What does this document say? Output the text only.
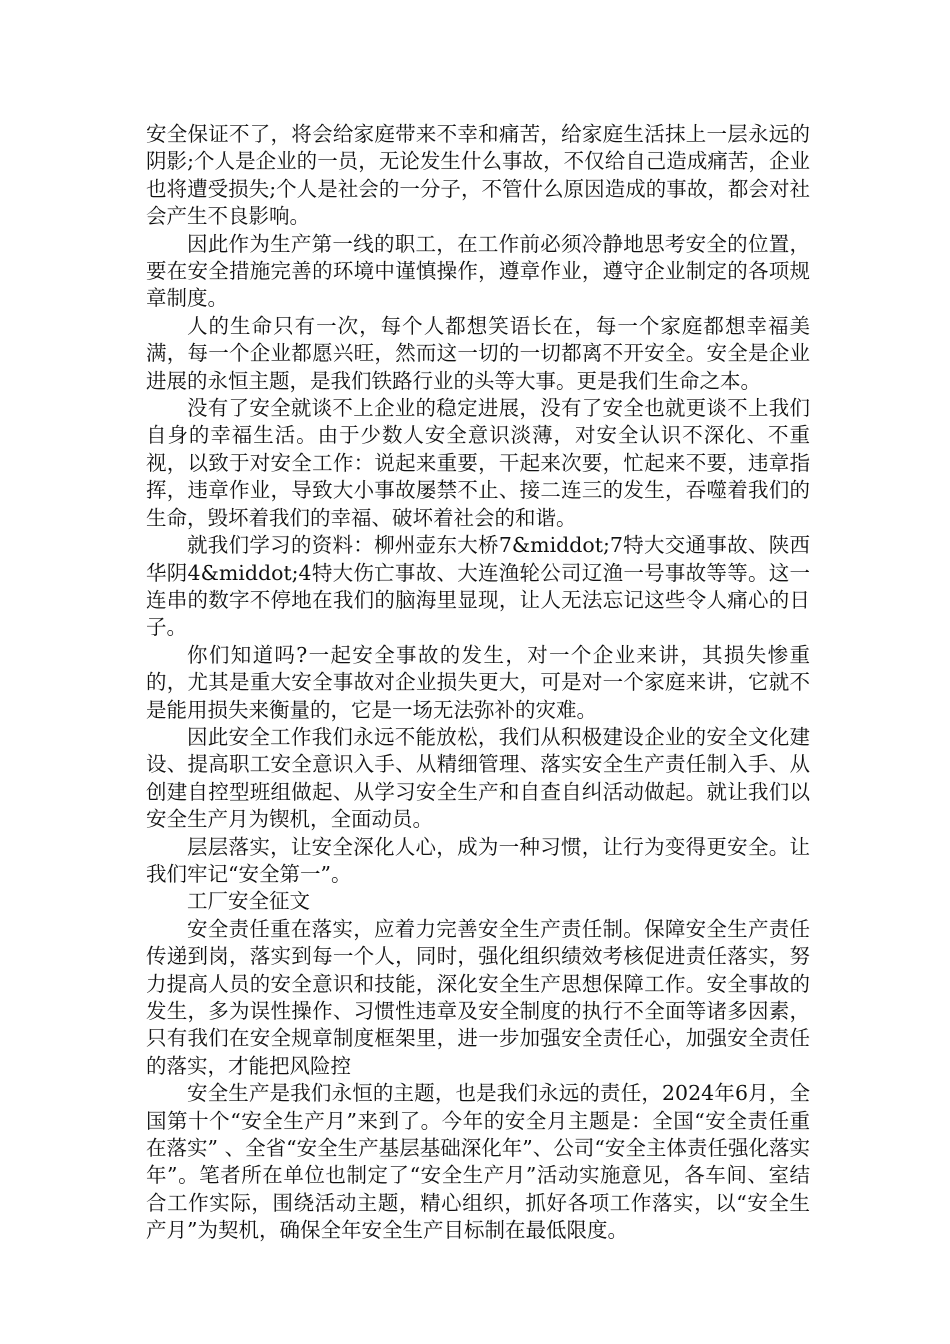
安全保证不了，将会给家庭带来不幸和痛苦，给家庭生活抹上一层永远的阴影;个人是企业的一员，无论发生什么事故，不仅给自己造成痛苦，企业也将遭受损失;个人是社会的一分子，不管什么原因造成的事故，都会对社会产生不良影响。

因此作为生产第一线的职工，在工作前必须冷静地思考安全的位置，要在安全措施完善的环境中谨慎操作，遵章作业，遵守企业制定的各项规章制度。

人的生命只有一次，每个人都想笑语长在，每一个家庭都想幸福美满，每一个企业都愿兴旺，然而这一切的一切都离不开安全。安全是企业进展的永恒主题，是我们铁路行业的头等大事。更是我们生命之本。

没有了安全就谈不上企业的稳定进展，没有了安全也就更谈不上我们自身的幸福生活。由于少数人安全意识淡薄，对安全认识不深化、不重视，以致于对安全工作：说起来重要，干起来次要，忙起来不要，违章指挥，违章作业，导致大小事故屡禁不止、接二连三的发生，吞噬着我们的生命，毁坏着我们的幸福、破坏着社会的和谐。

就我们学习的资料：柳州壶东大桥7&middot;7特大交通事故、陕西华阴4&middot;4特大伤亡事故、大连渔轮公司辽渔一号事故等等。这一连串的数字不停地在我们的脑海里显现，让人无法忘记这些令人痛心的日子。

你们知道吗?一起安全事故的发生，对一个企业来讲，其损失惨重的，尤其是重大安全事故对企业损失更大，可是对一个家庭来讲，它就不是能用损失来衡量的，它是一场无法弥补的灾难。

因此安全工作我们永远不能放松，我们从积极建设企业的安全文化建设、提高职工安全意识入手、从精细管理、落实安全生产责任制入手、从创建自控型班组做起、从学习安全生产和自查自纠活动做起。就让我们以安全生产月为锲机，全面动员。

层层落实，让安全深化人心，成为一种习惯，让行为变得更安全。让我们牢记“安全第一”。

工厂安全征文

安全责任重在落实，应着力完善安全生产责任制。保障安全生产责任传递到岗，落实到每一个人，同时，强化组织绩效考核促进责任落实，努力提高人员的安全意识和技能，深化安全生产思想保障工作。安全事故的发生，多为误性操作、习惯性违章及安全制度的执行不全面等诸多因素，只有我们在安全规章制度框架里，进一步加强安全责任心，加强安全责任的落实，才能把风险控

安全生产是我们永恒的主题，也是我们永远的责任，2024年6月，全国第十个“安全生产月”来到了。今年的安全月主题是：全国“安全责任重在落实” 、全省“安全生产基层基础深化年”、公司“安全主体责任强化落实年”。笔者所在单位也制定了“安全生产月”活动实施意见，各车间、室结合工作实际，围绕活动主题，精心组织，抓好各项工作落实，以“安全生产月”为契机，确保全年安全生产目标制在最低限度。
